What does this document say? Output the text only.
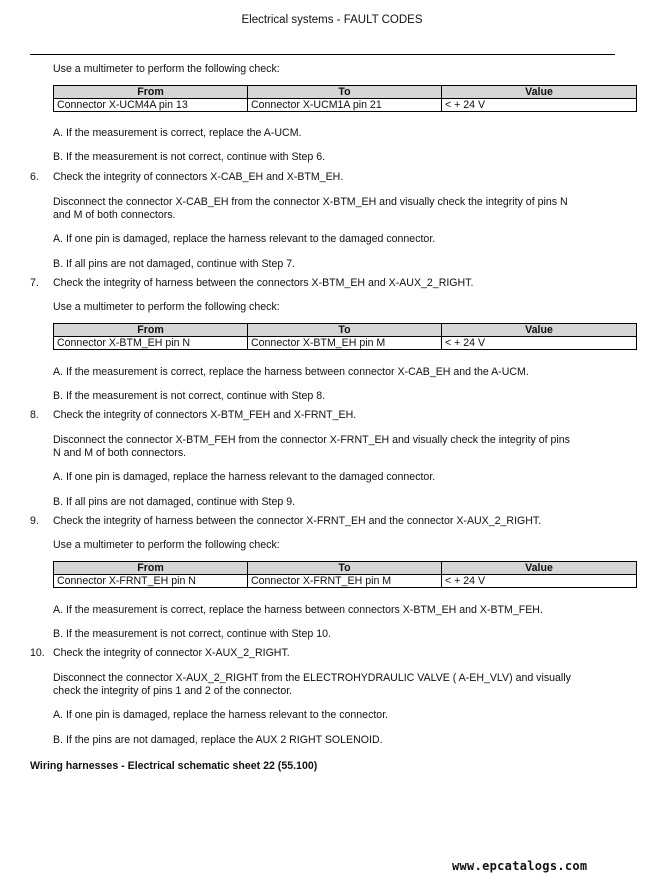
Electrical systems - FAULT CODES
Use a multimeter to perform the following check:
From	To	Value
Connector X-UCM4A pin 13	Connector X-UCM1A pin 21	< + 24 V
A. If the measurement is correct, replace the A-UCM.
B. If the measurement is not correct, continue with Step 6.
6.	Check the integrity of connectors X-CAB_EH and X-BTM_EH.
Disconnect the connector X-CAB_EH from the connector X-BTM_EH and visually check the integrity of pins N
and M of both connectors.
A. If one pin is damaged, replace the harness relevant to the damaged connector.
B. If all pins are not damaged, continue with Step 7.
7.	Check the integrity of harness between the connectors X-BTM_EH and X-AUX_2_RIGHT.
Use a multimeter to perform the following check:
From	To	Value
Connector X-BTM_EH pin N	Connector X-BTM_EH pin M	< + 24 V
A. If the measurement is correct, replace the harness between connector X-CAB_EH and the A-UCM.
B. If the measurement is not correct, continue with Step 8.
8.	Check the integrity of connectors X-BTM_FEH and X-FRNT_EH.
Disconnect the connector X-BTM_FEH from the connector X-FRNT_EH and visually check the integrity of pins
N and M of both connectors.
A. If one pin is damaged, replace the harness relevant to the damaged connector.
B. If all pins are not damaged, continue with Step 9.
9.	Check the integrity of harness between the connector X-FRNT_EH and the connector X-AUX_2_RIGHT.
Use a multimeter to perform the following check:
From	To	Value
Connector X-FRNT_EH pin N	Connector X-FRNT_EH pin M	< + 24 V
A. If the measurement is correct, replace the harness between connectors X-BTM_EH and X-BTM_FEH.
B. If the measurement is not correct, continue with Step 10.
10. Check the integrity of connector X-AUX_2_RIGHT.
Disconnect the connector X-AUX_2_RIGHT from the ELECTROHYDRAULIC VALVE ( A-EH_VLV) and visually
check the integrity of pins 1 and 2 of the connector.
A. If one pin is damaged, replace the harness relevant to the connector.
B. If the pins are not damaged, replace the AUX 2 RIGHT SOLENOID.
Wiring harnesses - Electrical schematic sheet 22 (55.100)
www.epcatalogs.com
